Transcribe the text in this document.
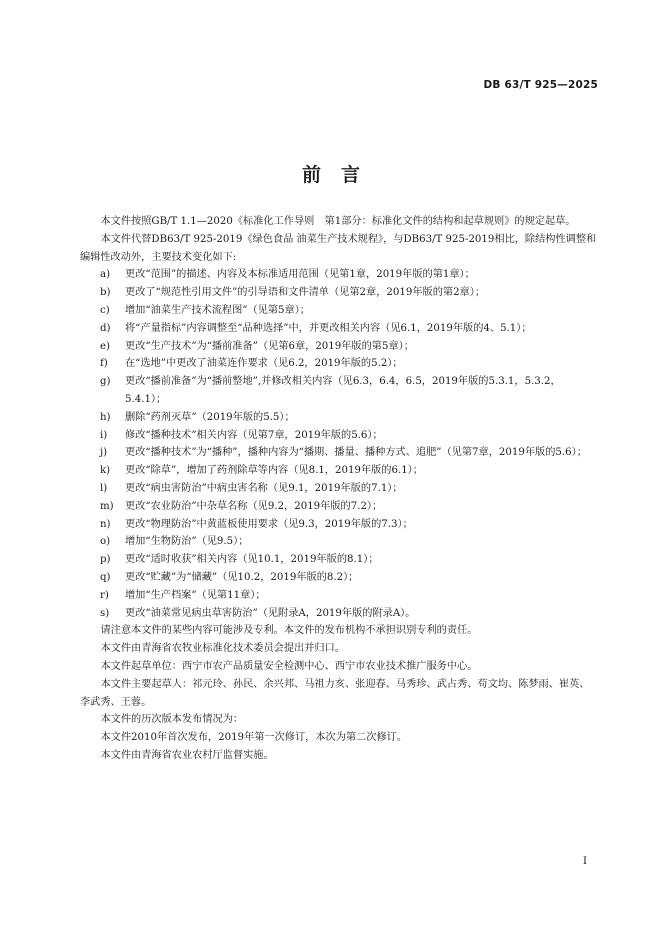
DB 63/T 925—2025
前言

本文件按照GB/T 1.1—2020《标准化工作导则　第1部分：标准化文件的结构和起草规则》的规定起草。

本文件代替DB63/T 925-2019《绿色食品 油菜生产技术规程》，与DB63/T 925-2019相比，除结构性调整和编辑性改动外，主要技术变化如下:

a) 更改“范围”的描述、内容及本标准适用范围（见第1章，2019年版的第1章）；

b) 更改了“规范性引用文件”的引导语和文件清单（见第2章，2019年版的第2章）；

c) 增加“油菜生产技术流程图”（见第5章）；

d) 将“产量指标”内容调整至“品种选择”中，并更改相关内容（见6.1，2019年版的4、5.1）；

e) 更改“生产技术”为“播前准备”（见第6章，2019年版的第5章）；

f) 在“选地”中更改了油菜连作要求（见6.2，2019年版的5.2）；

g) 更改“播前准备”为“播前整地”,并修改相关内容（见6.3，6.4，6.5，2019年版的5.3.1，5.3.2，5.4.1）；

h) 删除“药剂灭草”（2019年版的5.5）；

i) 修改“播种技术”相关内容（见第7章，2019年版的5.6）；

j) 更改“播种技术”为“播种”，播种内容为“播期、播量、播种方式、追肥”（见第7章，2019年版的5.6）；

k) 更改“除草”，增加了药剂除草等内容（见8.1，2019年版的6.1）；

l) 更改“病虫害防治”中病虫害名称（见9.1，2019年版的7.1）；

m) 更改“农业防治”中杂草名称（见9.2，2019年版的7.2）；

n) 更改“物理防治”中黄蓝板使用要求（见9.3，2019年版的7.3）；

o) 增加“生物防治”（见9.5）；

p) 更改“适时收获”相关内容（见10.1，2019年版的8.1）；

q) 更改“贮藏”为“储藏”（见10.2，2019年版的8.2）；

r) 增加“生产档案”（见第11章）；

s) 更改“油菜常见病虫草害防治”（见附录A，2019年版的附录A）。

请注意本文件的某些内容可能涉及专利。本文件的发布机构不承担识别专利的责任。

本文件由青海省农牧业标准化技术委员会提出并归口。

本文件起草单位：西宁市农产品质量安全检测中心、西宁市农业技术推广服务中心。

本文件主要起草人：祁元玲、孙民、余兴邦、马祖力亥、张迎春、马秀珍、武占秀、苟文均、陈梦雨、崔英、李武秀、王蓉。

本文件的历次版本发布情况为：

本文件2010年首次发布，2019年第一次修订，本次为第二次修订。

本文件由青海省农业农村厅监督实施。

I
